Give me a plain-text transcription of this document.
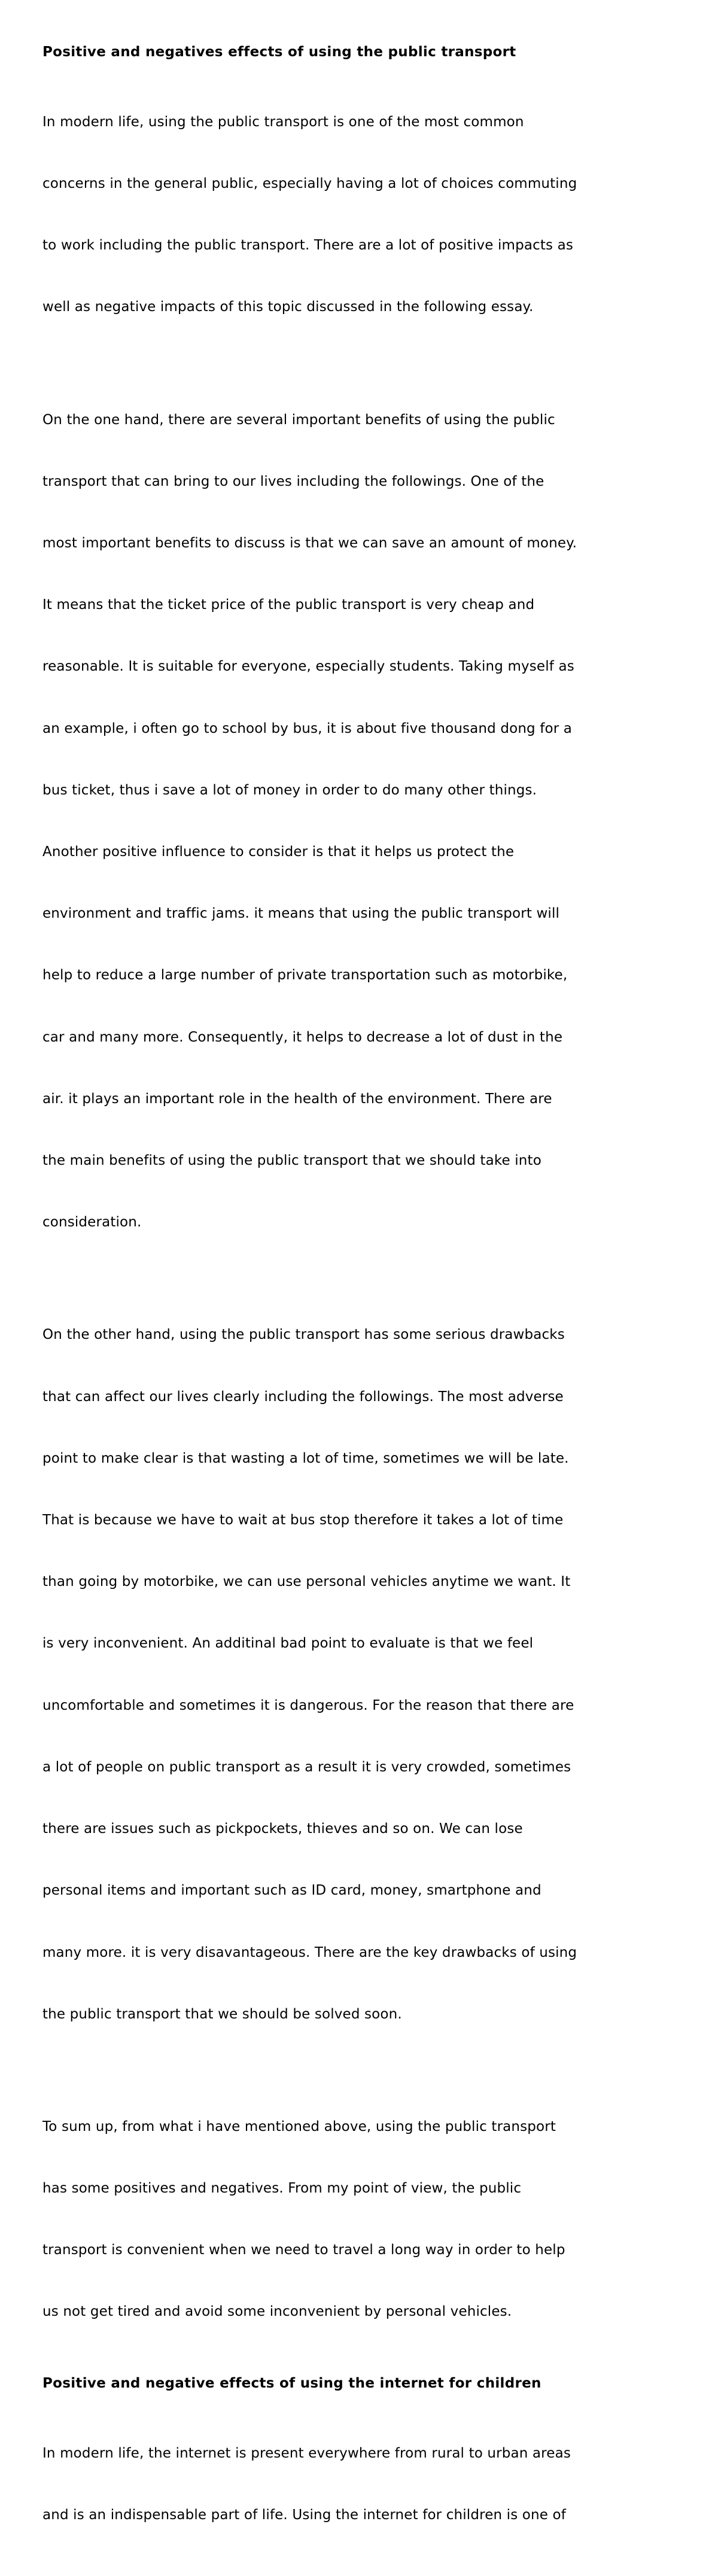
Positive and negatives effects of using the public transport

In modern life, using the public transport is one of the most common

concerns in the general public, especially having a lot of choices commuting

to work including the public transport. There are a lot of positive impacts as

well as negative impacts of this topic discussed in the following essay.

On the one hand, there are several important benefits of using the public

transport that can bring to our lives including the followings. One of the

most important benefits to discuss is that we can save an amount of money.

It means that the ticket price of the public transport is very cheap and

reasonable. It is suitable for everyone, especially students. Taking myself as

an example, i often go to school by bus, it is about five thousand dong for a

bus ticket, thus i save a lot of money in order to do many other things.

Another positive influence to consider is that it helps us protect the

environment and traffic jams. it means that using the public transport will

help to reduce a large number of private transportation such as motorbike,

car and many more. Consequently, it helps to decrease a lot of dust in the

air. it plays an important role in the health of the environment. There are

the main benefits of using the public transport that we should take into

consideration.

On the other hand, using the public transport has some serious drawbacks

that can affect our lives clearly including the followings. The most adverse

point to make clear is that wasting a lot of time, sometimes we will be late.

That is because we have to wait at bus stop therefore it takes a lot of time

than going by motorbike, we can use personal vehicles anytime we want. It

is very inconvenient. An additinal bad point to evaluate is that we feel

uncomfortable and sometimes it is dangerous. For the reason that there are

a lot of people on public transport as a result it is very crowded, sometimes

there are issues such as pickpockets, thieves and so on. We can lose

personal items and important such as ID card, money, smartphone and

many more. it is very disavantageous. There are the key drawbacks of using

the public transport that we should be solved soon.

To sum up, from what i have mentioned above, using the public transport

has some positives and negatives. From my point of view, the public

transport is convenient when we need to travel a long way in order to help

us not get tired and avoid some inconvenient by personal vehicles.

Positive and negative effects of using the internet for children

In modern life, the internet is present everywhere from rural to urban areas

and is an indispensable part of life. Using the internet for children is one of
